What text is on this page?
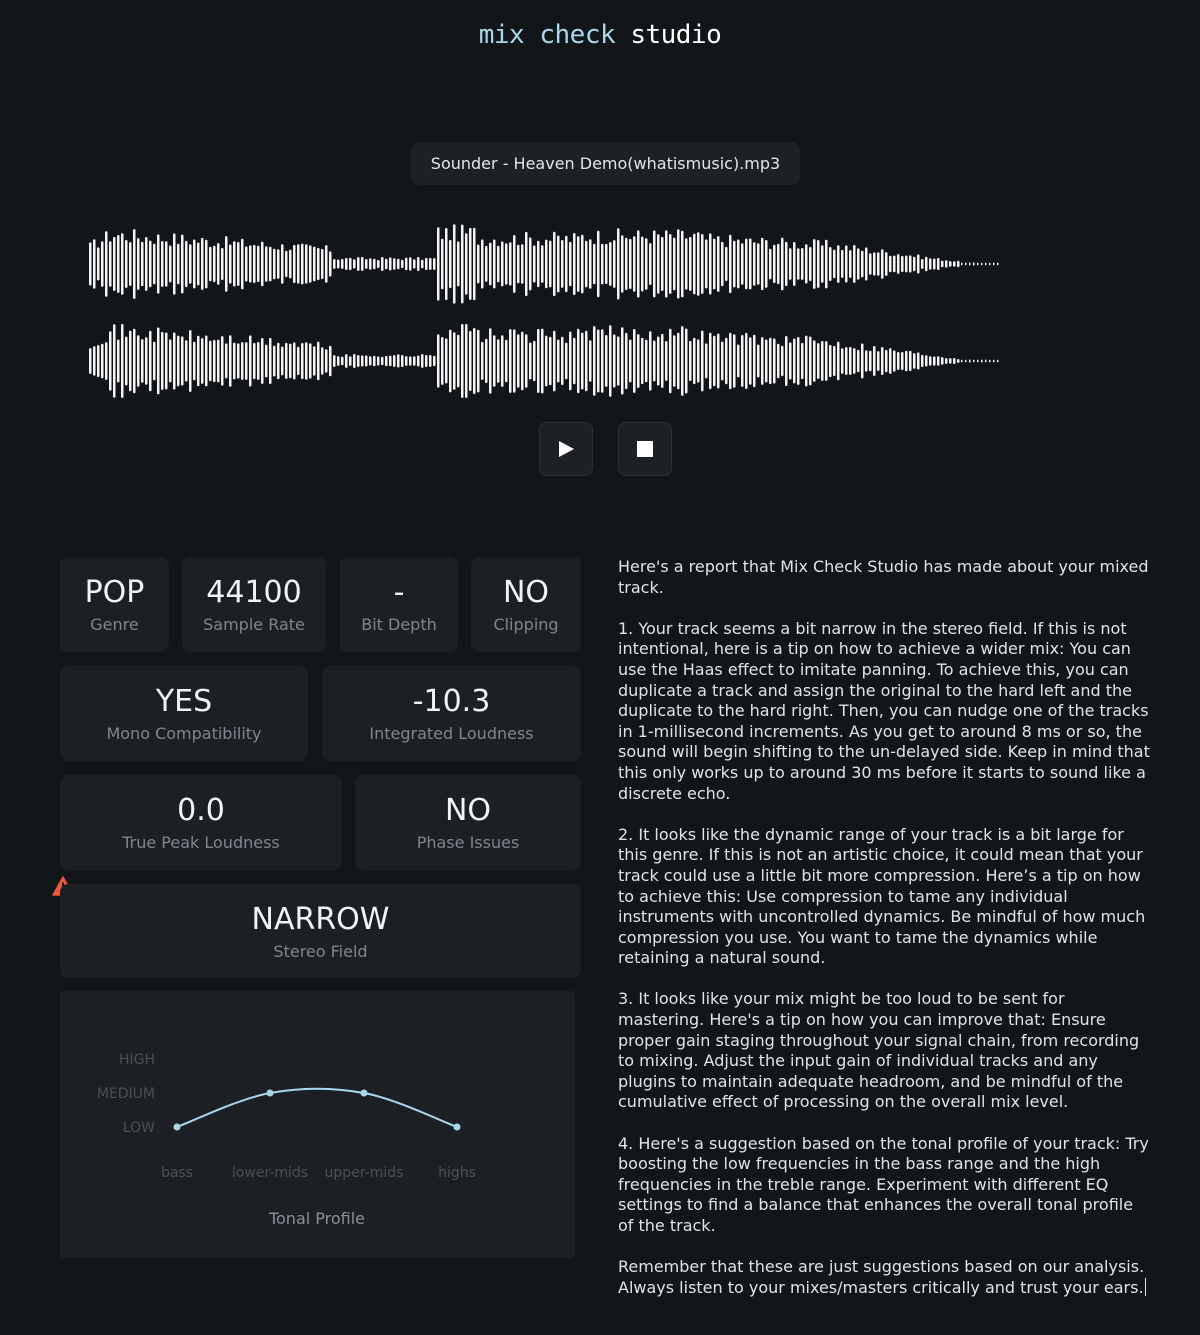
mix check studio
Sounder - Heaven Demo(whatismusic).mp3
POP
Genre
44100
Sample Rate
-
Bit Depth
NO
Clipping
YES
Mono Compatibility
-10.3
Integrated Loudness
0.0
True Peak Loudness
NO
Phase Issues
NARROW
Stereo Field
HIGH
MEDIUM
LOW
bass	lower-mids upper-mids highs
Tonal Profile

Here's a report that Mix Check Studio has made about your mixed track.

1. Your track seems a bit narrow in the stereo field. If this is not intentional, here is a tip on how to achieve a wider mix: You can use the Haas effect to imitate panning. To achieve this, you can duplicate a track and assign the original to the hard left and the duplicate to the hard right. Then, you can nudge one of the tracks in 1-millisecond increments. As you get to around 8 ms or so, the sound will begin shifting to the un-delayed side. Keep in mind that this only works up to around 30 ms before it starts to sound like a discrete echo.

2. It looks like the dynamic range of your track is a bit large for this genre. If this is not an artistic choice, it could mean that your track could use a little bit more compression. Here’s a tip on how to achieve this: Use compression to tame any individual instruments with uncontrolled dynamics. Be mindful of how much compression you use. You want to tame the dynamics while retaining a natural sound.

3. It looks like your mix might be too loud to be sent for mastering. Here's a tip on how you can improve that: Ensure proper gain staging throughout your signal chain, from recording to mixing. Adjust the input gain of individual tracks and any plugins to maintain adequate headroom, and be mindful of the cumulative effect of processing on the overall mix level.

4. Here's a suggestion based on the tonal profile of your track: Try boosting the low frequencies in the bass range and the high frequencies in the treble range. Experiment with different EQ settings to find a balance that enhances the overall tonal profile of the track.

Remember that these are just suggestions based on our analysis. Always listen to your mixes/masters critically and trust your ears.
